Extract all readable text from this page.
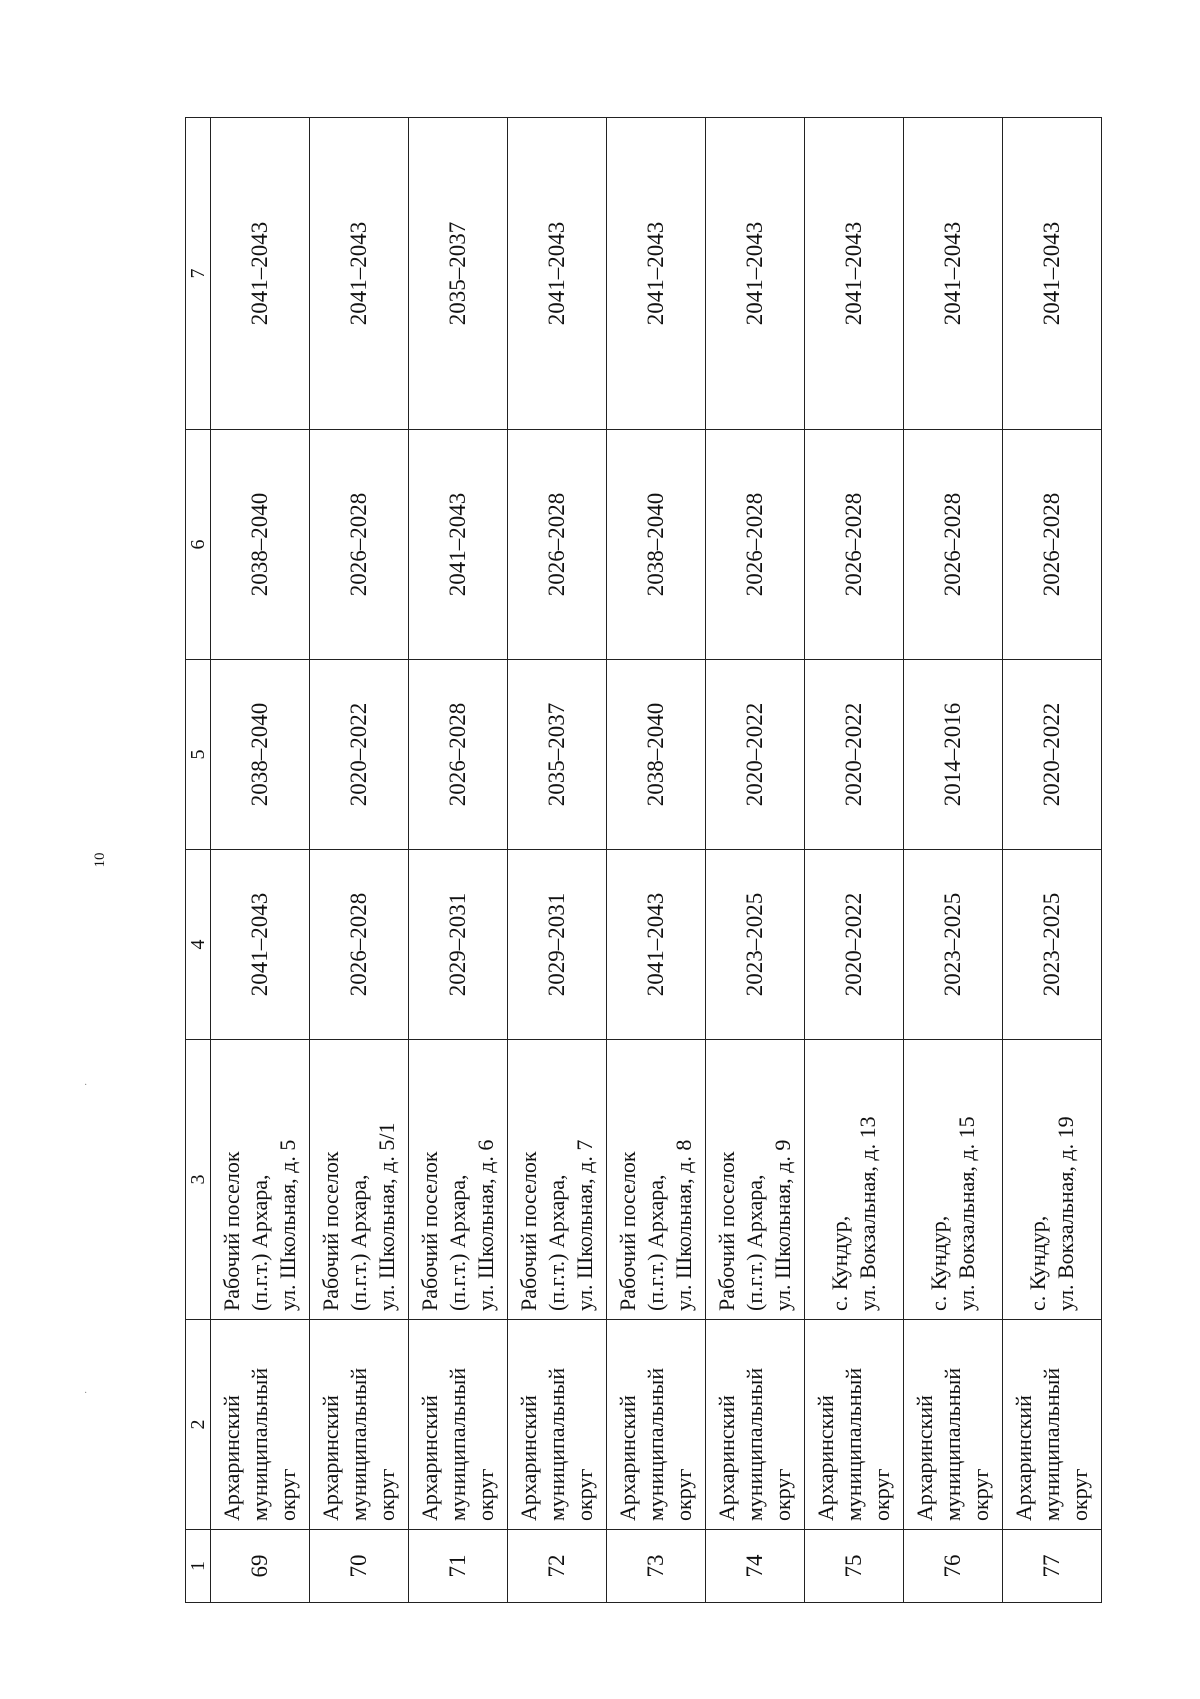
10
·
·
1	2	3	4	5	6	7
69	Архаринский муниципальный округ	Рабочий поселок (п.г.т.) Архара, ул. Школьная, д. 5	2041–2043	2038–2040	2038–2040	2041–2043
70	Архаринский муниципальный округ	Рабочий поселок (п.г.т.) Архара, ул. Школьная, д. 5/1	2026–2028	2020–2022	2026–2028	2041–2043
71	Архаринский муниципальный округ	Рабочий поселок (п.г.т.) Архара, ул. Школьная, д. 6	2029–2031	2026–2028	2041–2043	2035–2037
72	Архаринский муниципальный округ	Рабочий поселок (п.г.т.) Архара, ул. Школьная, д. 7	2029–2031	2035–2037	2026–2028	2041–2043
73	Архаринский муниципальный округ	Рабочий поселок (п.г.т.) Архара, ул. Школьная, д. 8	2041–2043	2038–2040	2038–2040	2041–2043
74	Архаринский муниципальный округ	Рабочий поселок (п.г.т.) Архара, ул. Школьная, д. 9	2023–2025	2020–2022	2026–2028	2041–2043
75	Архаринский муниципальный округ	с. Кундур, ул. Вокзальная, д. 13	2020–2022	2020–2022	2026–2028	2041–2043
76	Архаринский муниципальный округ	с. Кундур, ул. Вокзальная, д. 15	2023–2025	2014–2016	2026–2028	2041–2043
77	Архаринский муниципальный округ	с. Кундур, ул. Вокзальная, д. 19	2023–2025	2020–2022	2026–2028	2041–2043
